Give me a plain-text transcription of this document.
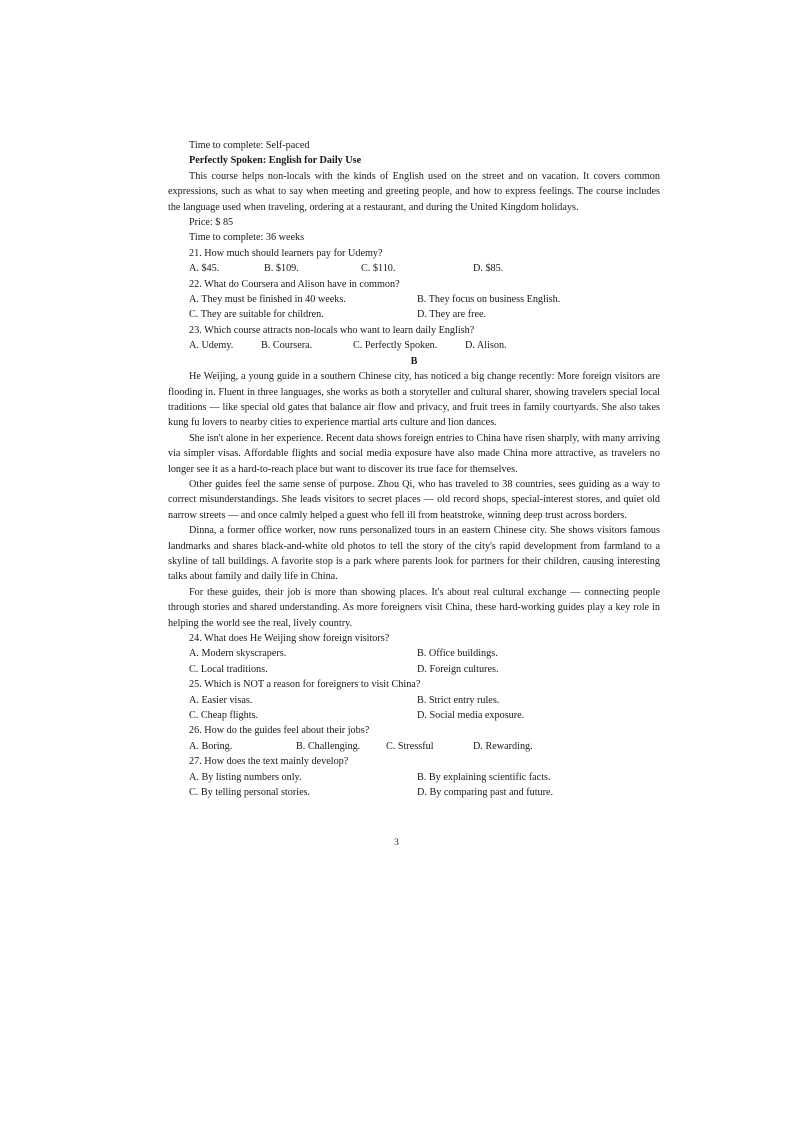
Time to complete: Self-paced
Perfectly Spoken: English for Daily Use
This course helps non-locals with the kinds of English used on the street and on vacation. It covers common expressions, such as what to say when meeting and greeting people, and how to express feelings. The course includes the language used when traveling, ordering at a restaurant, and during the United Kingdom holidays.
Price: $ 85
Time to complete: 36 weeks
21. How much should learners pay for Udemy?
A. $45.	B. $109.	C. $110.	D. $85.
22. What do Coursera and Alison have in common?
A. They must be finished in 40 weeks.	B. They focus on business English.
C. They are suitable for children.	D. They are free.
23. Which course attracts non-locals who want to learn daily English?
A. Udemy.	B. Coursera.	C. Perfectly Spoken.	D. Alison.
B
He Weijing, a young guide in a southern Chinese city, has noticed a big change recently: More foreign visitors are flooding in. Fluent in three languages, she works as both a storyteller and cultural sharer, showing travelers special local traditions — like special old gates that balance air flow and privacy, and fruit trees in family courtyards. She also takes kung fu lovers to nearby cities to experience martial arts culture and lion dances.
She isn't alone in her experience. Recent data shows foreign entries to China have risen sharply, with many arriving via simpler visas. Affordable flights and social media exposure have also made China more attractive, as travelers no longer see it as a hard-to-reach place but want to discover its true face for themselves.
Other guides feel the same sense of purpose. Zhou Qi, who has traveled to 38 countries, sees guiding as a way to correct misunderstandings. She leads visitors to secret places — old record shops, special-interest stores, and quiet old narrow streets — and once calmly helped a guest who fell ill from heatstroke, winning deep trust across borders.
Dinna, a former office worker, now runs personalized tours in an eastern Chinese city. She shows visitors famous landmarks and shares black-and-white old photos to tell the story of the city's rapid development from farmland to a skyline of tall buildings. A favorite stop is a park where parents look for partners for their children, causing interesting talks about family and daily life in China.
For these guides, their job is more than showing places. It's about real cultural exchange — connecting people through stories and shared understanding. As more foreigners visit China, these hard-working guides play a key role in helping the world see the real, lively country.
24. What does He Weijing show foreign visitors?
A. Modern skyscrapers.	B. Office buildings.
C. Local traditions.	D. Foreign cultures.
25. Which is NOT a reason for foreigners to visit China?
A. Easier visas.	B. Strict entry rules.
C. Cheap flights.	D. Social media exposure.
26. How do the guides feel about their jobs?
A. Boring.	B. Challenging.	C. Stressful	D. Rewarding.
27. How does the text mainly develop?
A. By listing numbers only.	B. By explaining scientific facts.
C. By telling personal stories.	D. By comparing past and future.
3
